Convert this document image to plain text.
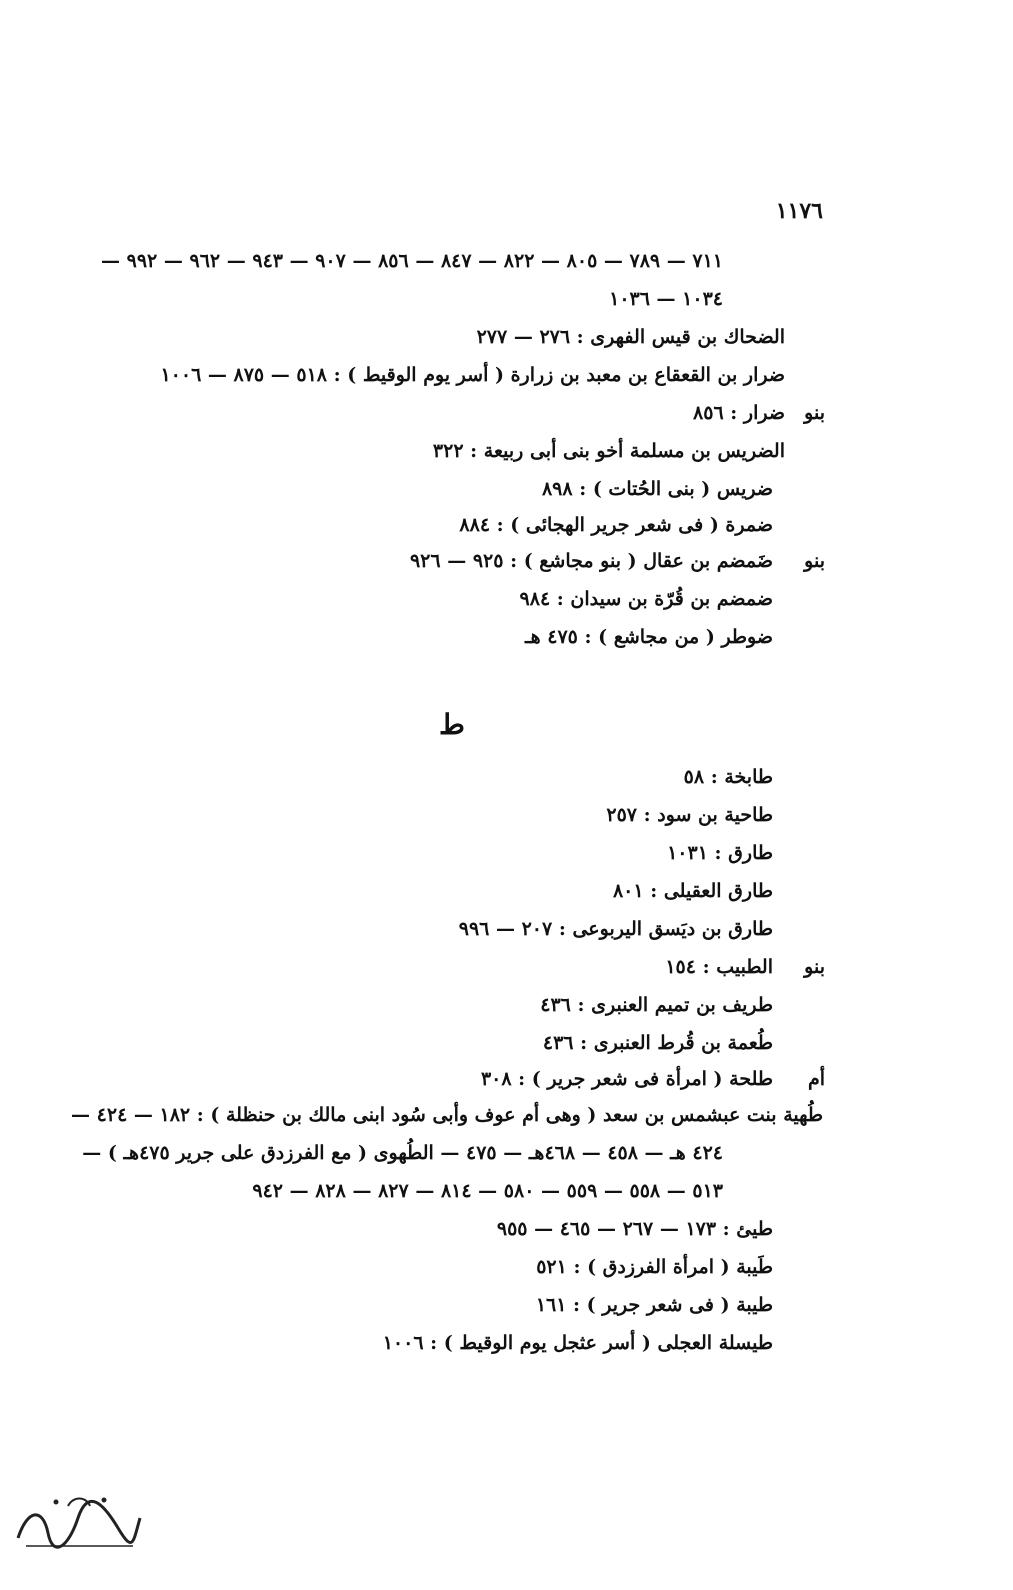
١١٧٦
٧١١ — ٧٨٩ — ٨٠٥ — ٨٢٢ — ٨٤٧ — ٨٥٦ — ٩٠٧ — ٩٤٣ — ٩٦٢ — ٩٩٢ —
١٠٣٤ — ١٠٣٦
الضحاك بن قيس الفهرى : ٢٧٦ — ٢٧٧
ضرار بن القعقاع بن معبد بن زرارة ( أسر يوم الوقيط ) : ٥١٨ — ٨٧٥ — ١٠٠٦
بنو
ضرار : ٨٥٦
الضريس بن مسلمة أخو بنى أبى ربيعة : ٣٢٢
ضريس ( بنى الحُتات ) : ٨٩٨
ضمرة ( فى شعر جرير الهجائى ) : ٨٨٤
بنو
ضَمضم بن عقال ( بنو مجاشع ) : ٩٢٥ — ٩٢٦
ضمضم بن قُرّة بن سيدان : ٩٨٤
ضوطر ( من مجاشع ) : ٤٧٥ هـ
طابخة : ٥٨
طاحية بن سود : ٢٥٧
طارق : ١٠٣١
طارق العقيلى : ٨٠١
طارق بن ديَسق اليربوعى : ٢٠٧ — ٩٩٦
بنو
الطبيب : ١٥٤
طريف بن تميم العنبرى : ٤٣٦
طُعمة بن قُرط العنبرى : ٤٣٦
أم
طلحة ( امرأة فى شعر جرير ) : ٣٠٨
طُهية بنت عبشمس بن سعد ( وهى أم عوف وأبى سُود ابنى مالك بن حنظلة ) : ١٨٢ — ٤٢٤ —
٤٢٤ هـ — ٤٥٨ — ٤٦٨هـ — ٤٧٥ — الطُهوى ( مع الفرزدق على جرير ٤٧٥هـ ) —
٥١٣ — ٥٥٨ — ٥٥٩ — ٥٨٠ — ٨١٤ — ٨٢٧ — ٨٢٨ — ٩٤٢
طيئ : ١٧٣ — ٢٦٧ — ٤٦٥ — ٩٥٥
طَيبة ( امرأة الفرزدق ) : ٥٢١
طيبة ( فى شعر جرير ) : ١٦١
طيسلة العجلى ( أسر عثجل يوم الوقيط ) : ١٠٠٦
ط
